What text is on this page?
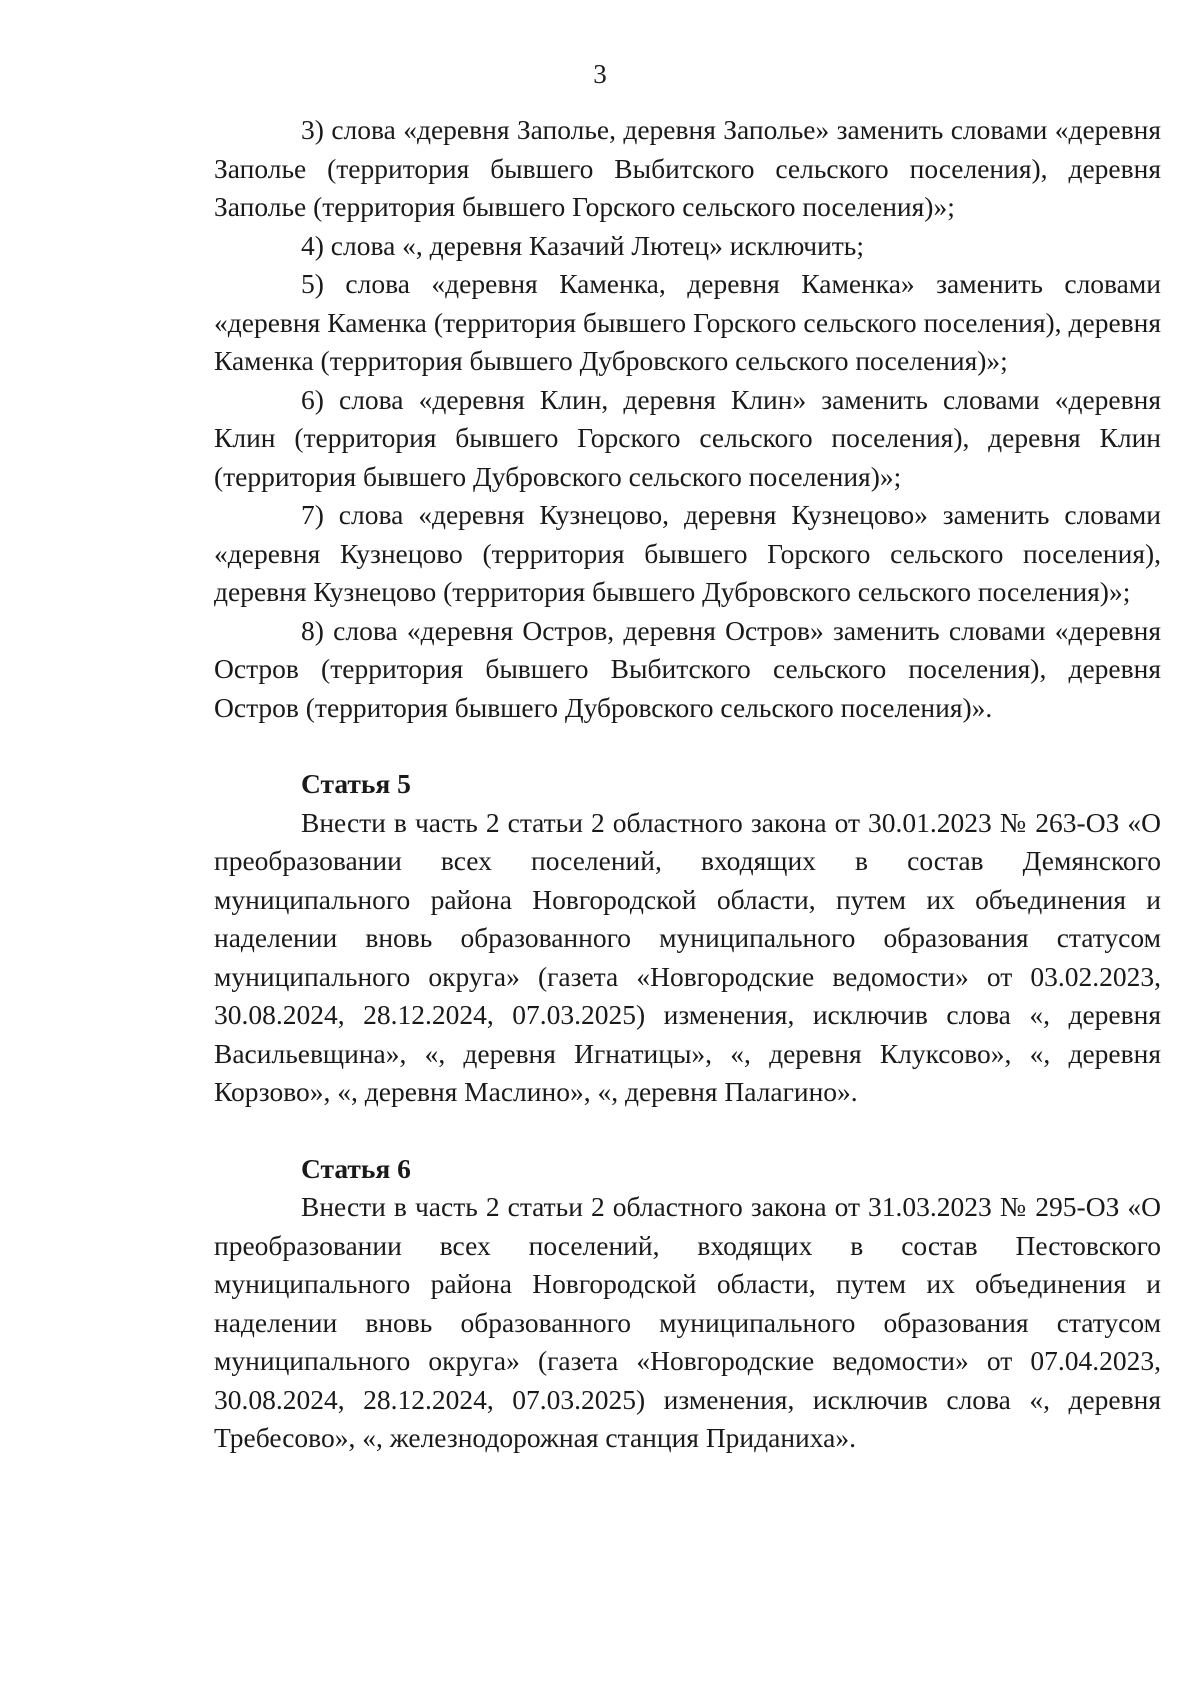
3

3) слова «деревня Заполье, деревня Заполье» заменить словами «деревня Заполье (территория бывшего Выбитского сельского поселения), деревня Заполье (территория бывшего Горского сельского поселения)»;

4) слова «, деревня Казачий Лютец» исключить;

5) слова «деревня Каменка, деревня Каменка» заменить словами «деревня Каменка (территория бывшего Горского сельского поселения), деревня Каменка (территория бывшего Дубровского сельского поселения)»;

6) слова «деревня Клин, деревня Клин» заменить словами «деревня Клин (территория бывшего Горского сельского поселения), деревня Клин (территория бывшего Дубровского сельского поселения)»;

7) слова «деревня Кузнецово, деревня Кузнецово» заменить словами «деревня Кузнецово (территория бывшего Горского сельского поселения), деревня Кузнецово (территория бывшего Дубровского сельского поселения)»;

8) слова «деревня Остров, деревня Остров» заменить словами «деревня Остров (территория бывшего Выбитского сельского поселения), деревня Остров (территория бывшего Дубровского сельского поселения)».

Статья 5

Внести в часть 2 статьи 2 областного закона от 30.01.2023 № 263-ОЗ «О преобразовании всех поселений, входящих в состав Демянского муниципального района Новгородской области, путем их объединения и наделении вновь образованного муниципального образования статусом муниципального округа» (газета «Новгородские ведомости» от 03.02.2023, 30.08.2024, 28.12.2024, 07.03.2025) изменения, исключив слова «, деревня Васильевщина», «, деревня Игнатицы», «, деревня Клуксово», «, деревня Корзово», «, деревня Маслино», «, деревня Палагино».

Статья 6

Внести в часть 2 статьи 2 областного закона от 31.03.2023 № 295-ОЗ «О преобразовании всех поселений, входящих в состав Пестовского муниципального района Новгородской области, путем их объединения и наделении вновь образованного муниципального образования статусом муниципального округа» (газета «Новгородские ведомости» от 07.04.2023, 30.08.2024, 28.12.2024, 07.03.2025) изменения, исключив слова «, деревня Требесово», «, железнодорожная станция Приданиха».
